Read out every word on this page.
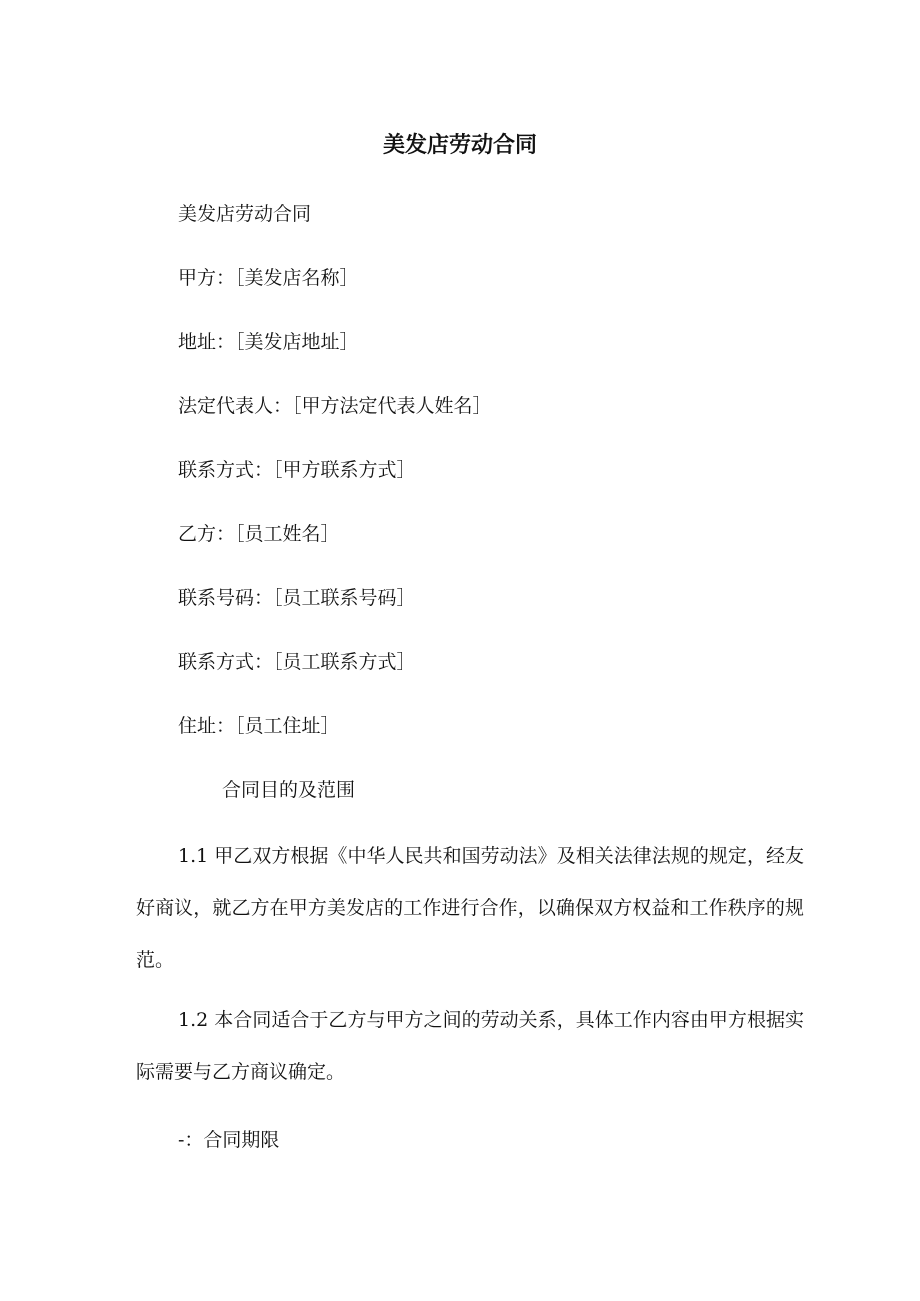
美发店劳动合同

美发店劳动合同

甲方：［美发店名称］

地址：［美发店地址］

法定代表人：［甲方法定代表人姓名］

联系方式：［甲方联系方式］

乙方：［员工姓名］

联系号码：［员工联系号码］

联系方式：［员工联系方式］

住址：［员工住址］

合同目的及范围

1.1 甲乙双方根据《中华人民共和国劳动法》及相关法律法规的规定，经友好商议，就乙方在甲方美发店的工作进行合作，以确保双方权益和工作秩序的规范。

1.2 本合同适合于乙方与甲方之间的劳动关系，具体工作内容由甲方根据实际需要与乙方商议确定。

-：合同期限
